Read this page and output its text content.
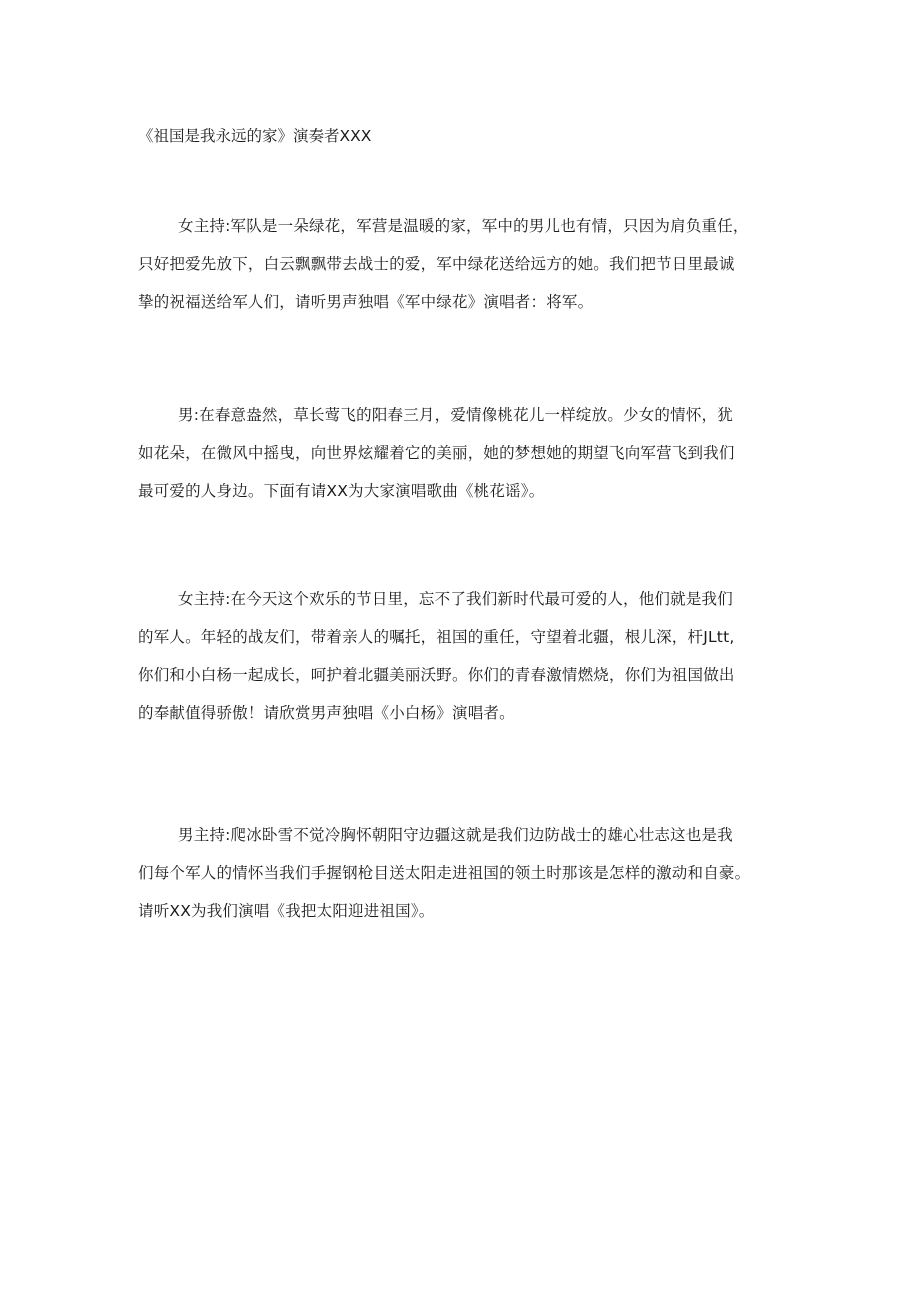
《祖国是我永远的家》演奏者XXX

女主持:军队是一朵绿花，军营是温暖的家，军中的男儿也有情，只因为肩负重任，
只好把爱先放下，白云飘飘带去战士的爱，军中绿花送给远方的她。我们把节日里最诚
挚的祝福送给军人们，请听男声独唱《军中绿花》演唱者：将军。

男:在春意盎然，草长莺飞的阳春三月，爱情像桃花儿一样绽放。少女的情怀，犹
如花朵，在微风中摇曳，向世界炫耀着它的美丽，她的梦想她的期望飞向军营飞到我们
最可爱的人身边。下面有请XX为大家演唱歌曲《桃花谣》。

女主持:在今天这个欢乐的节日里，忘不了我们新时代最可爱的人，他们就是我们
的军人。年轻的战友们，带着亲人的嘱托，祖国的重任，守望着北疆，根儿深，杆JLtt,
你们和小白杨一起成长，呵护着北疆美丽沃野。你们的青春激情燃烧，你们为祖国做出
的奉献值得骄傲！请欣赏男声独唱《小白杨》演唱者。

男主持:爬冰卧雪不觉冷胸怀朝阳守边疆这就是我们边防战士的雄心壮志这也是我
们每个军人的情怀当我们手握钢枪目送太阳走进祖国的领土时那该是怎样的激动和自豪。
请听XX为我们演唱《我把太阳迎进祖国》。
